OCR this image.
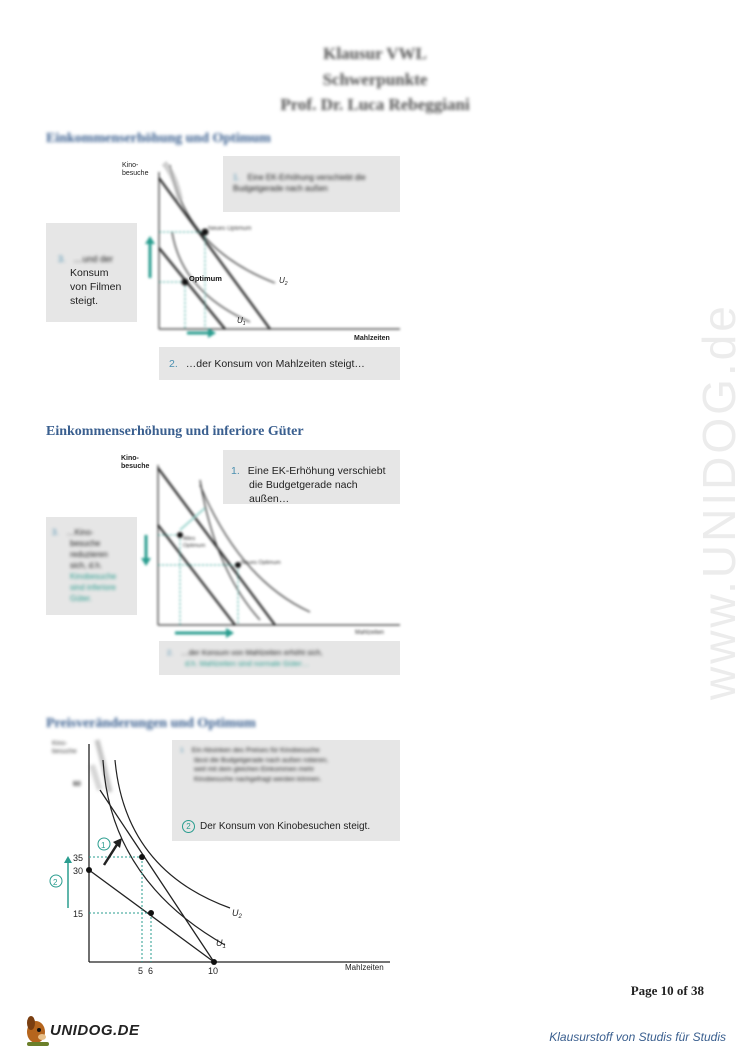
Klausur VWL
Schwerpunkte
Prof. Dr. Luca Rebeggiani
www.UNIDOG.de
Einkommenserhöhung und Optimum
Kino-
besuche
Mahlzeiten
Optimum
Neues Optimum
$U_1$
$U_2$
1. Eine EK-Erhöhung verschiebt die Budgetgerade nach außen
3. …und der
Konsum
von Filmen
steigt.
2. …der Konsum von Mahlzeiten steigt…
Einkommenserhöhung und inferiore Güter
Altes
Optimum
Neues Optimum
Mahlzeiten
Kino-
besuche	1. Eine EK-Erhöhung verschiebt
die Budgetgerade nach außen…
3. …Kino-
besuche
reduzieren
sich, d.h.
Kinobesuche
sind inferiore
Güter.
2. …der Konsum von Mahlzeiten erhöht sich,
d.h. Mahlzeiten sind normale Güter…
Preisveränderungen und Optimum
Kino-
besuche
60
1
2
35
30
15
5 6	10	Mahlzeiten
$U_2$
$U_1$
1 Ein Absinken des Preises für Kinobesuche
lässt die Budgetgerade nach außen rotieren,
weil mit dem gleichen Einkommen mehr
Kinobesuche nachgefragt werden können.
2 Der Konsum von Kinobesuchen steigt.
Page 10 of 38
UNIDOG.DE	Klausurstoff von Studis für Studis
